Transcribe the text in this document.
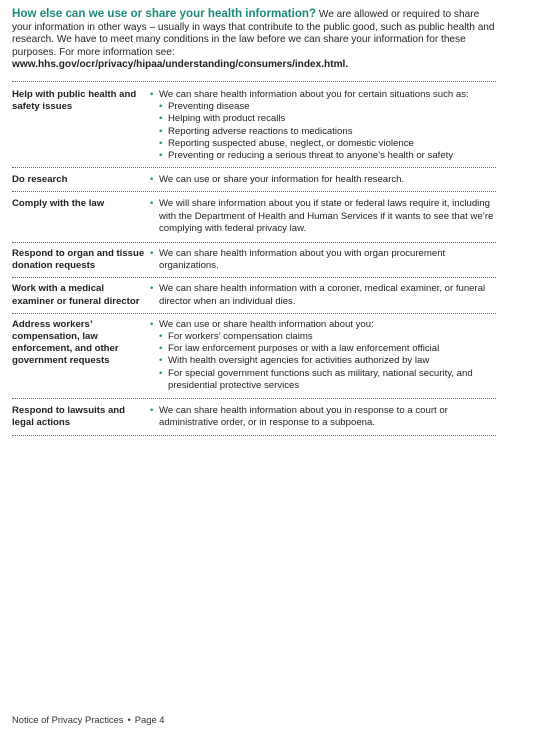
How else can we use or share your health information? We are allowed or required to share your information in other ways – usually in ways that contribute to the public good, such as public health and research. We have to meet many conditions in the law before we can share your information for these purposes. For more information see: www.hhs.gov/ocr/privacy/hipaa/understanding/consumers/index.html.
Help with public health and safety issues
• We can share health information about you for certain situations such as:
• Preventing disease
• Helping with product recalls
• Reporting adverse reactions to medications
• Reporting suspected abuse, neglect, or domestic violence
• Preventing or reducing a serious threat to anyone’s health or safety
Do research	• We can use or share your information for health research.
Comply with the law	• We will share information about you if state or federal laws require it, including with the Department of Health and Human Services if it wants to see that we’re complying with federal privacy law.
Respond to organ and tissue donation requests
• We can share health information about you with organ procurement organizations.
Work with a medical examiner or funeral director
• We can share health information with a coroner, medical examiner, or funeral director when an individual dies.
Address workers’ compensation, law enforcement, and other government requests
• We can use or share health information about you:
• For workers’ compensation claims
• For law enforcement purposes or with a law enforcement official
• With health oversight agencies for activities authorized by law
• For special government functions such as military, national security, and presidential protective services
Respond to lawsuits and legal actions
• We can share health information about you in response to a court or administrative order, or in response to a subpoena.
Notice of Privacy Practices • Page 4
